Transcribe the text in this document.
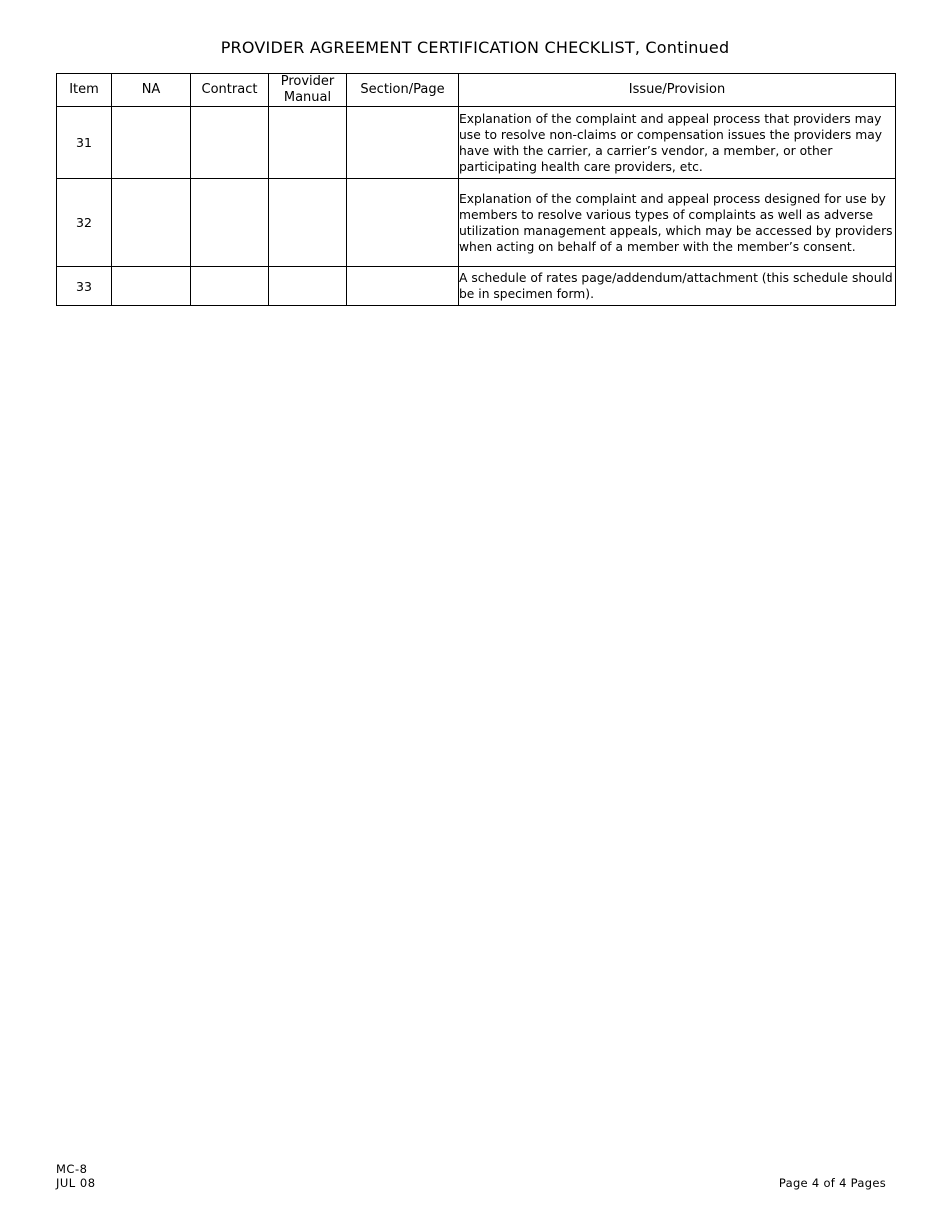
PROVIDER AGREEMENT CERTIFICATION CHECKLIST, Continued
Item	NA	Contract	Provider Manual	Section/Page	Issue/Provision
31					Explanation of the complaint and appeal process that providers may use to resolve non-claims or compensation issues the providers may have with the carrier, a carrier’s vendor, a member, or other participating health care providers, etc.
32					Explanation of the complaint and appeal process designed for use by members to resolve various types of complaints as well as adverse utilization management appeals, which may be accessed by providers when acting on behalf of a member with the member’s consent.
33					A schedule of rates page/addendum/attachment (this schedule should be in specimen form).
MC-8
JUL 08	Page 4 of 4 Pages
